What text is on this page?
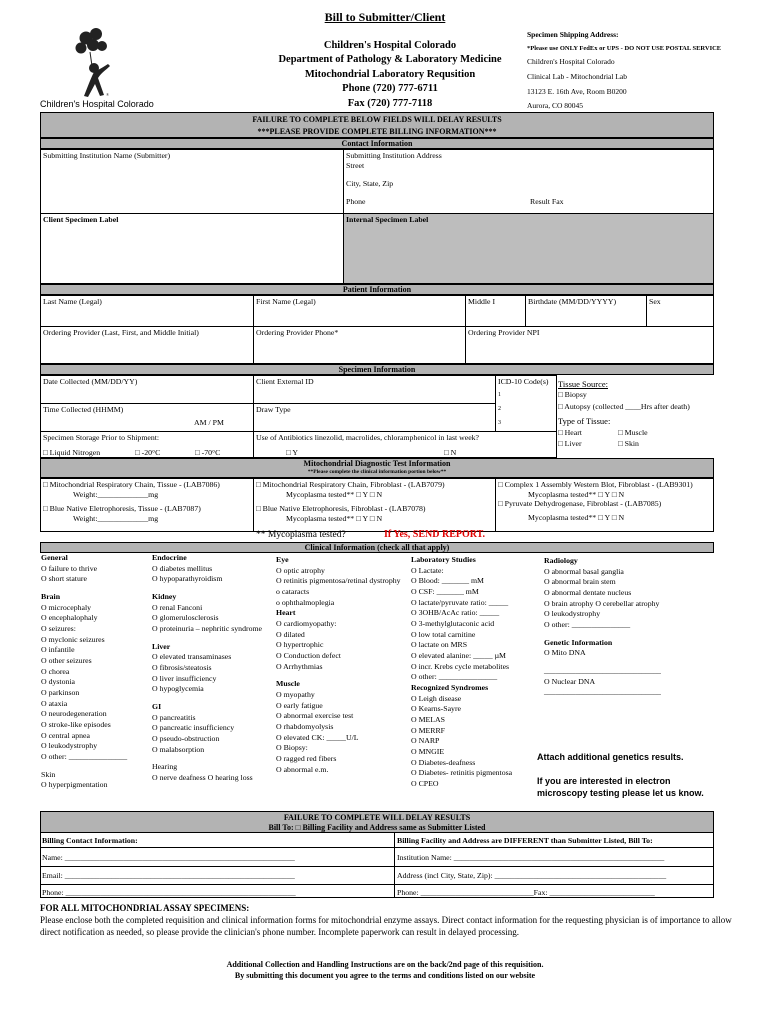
Bill to Submitter/Client
®
Children's Hospital Colorado
Children's Hospital Colorado
Department of Pathology & Laboratory Medicine
Mitochondrial Laboratory Requsition
Phone (720) 777-6711
Fax (720) 777-7118
Specimen Shipping Address:
*Please use ONLY FedEx or UPS - DO NOT USE POSTAL SERVICE
Children's Hospital Colorado
Clinical Lab - Mitochondrial Lab
13123 E. 16th Ave, Room B0200
Aurora, CO 80045
FAILURE TO COMPLETE BELOW FIELDS WILL DELAY RESULTS
***PLEASE PROVIDE COMPLETE BILLING INFORMATION***
Contact Information
Submitting Institution Name (Submitter)	Submitting Institution Address
Street
City, State, Zip
Phone	Result Fax
Client Specimen Label	Internal Specimen Label
Patient Information
Last Name (Legal)	First Name (Legal)	Middle I	Birthdate (MM/DD/YYYY)	Sex
Ordering Provider (Last, First, and Middle Initial)	Ordering Provider Phone*	Ordering Provider NPI
Specimen Information
Date Collected (MM/DD/YY)	Client External ID	ICD-10 Code(s)
1
2
3
Tissue Source:
□ Biopsy
□ Autopsy (collected ____Hrs after death)
Type of Tissue:
□ Heart	□ Muscle
□ Liver	□ Skin
Time Collected (HHMM)
AM / PM
Draw Type
Specimen Storage Prior to Shipment:
□ Liquid Nitrogen	□ -20°C	□ -70°C
Use of Antibiotics linezolid, macrolides, chloramphenicol in last week?
□ Y	□ N
Mitochondrial Diagnostic Test Information
**Please complete the clinical information portion below**
□ Mitochondrial Respiratory Chain, Tissue - (LAB7086)
Weight:_____________mg
□ Blue Native Eletrophoresis, Tissue - (LAB7087)
Weight:_____________mg
□ Mitochondrial Respiratory Chain, Fibroblast - (LAB7079)
Mycoplasma tested** □ Y □ N
□ Blue Native Eletrophoresis, Fibroblast - (LAB7078)
Mycoplasma tested** □ Y □ N
□ Complex 1 Assembly Western Blot, Fibroblast - (LAB9301)
Mycoplasma tested** □ Y □ N
□ Pyruvate Dehydrogenase, Fibroblast - (LAB7085)
Mycoplasma tested** □ Y □ N
** Mycoplasma tested?	If Yes, SEND REPORT.
Clinical Information (check all that apply)
General
O failure to thrive
O short stature
Brain
O microcephaly
O encephalophaly
O seizures:
O myclonic seizures
O infantile
O other seizures
O chorea
O dystonia
O parkinson
O ataxia
O neurodegeneration
O stroke-like episodes
O central apnea
O leukodystrophy
O other: _______________
Skin
O hyperpigmentation
Endocrine
O diabetes mellitus
O hypoparathyroidism
Kidney
O renal Fanconi
O glomerulosclerosis
O proteinuria – nephritic syndrome
Liver
O elevated transaminases
O fibrosis/steatosis
O liver insufficiency
O hypoglycemia
GI
O pancreatitis
O pancreatic insufficiency
O pseudo-obstruction
O malabsorption
Hearing
O nerve deafness O hearing loss
Eye
O optic atrophy
O retinitis pigmentosa/retinal dystrophy
o cataracts
o ophthalmoplegia
Heart
O cardiomyopathy:
O dilated
O hypertrophic
O Conduction defect
O Arrhythmias
Muscle
O myopathy
O early fatigue
O abnormal exercise test
O rhabdomyolysis
O elevated CK: _____U/L
O Biopsy:
O ragged red fibers
O abnormal e.m.
Laboratory Studies
O Lactate:
O Blood: _______ mM
O CSF: _______ mM
O lactate/pyruvate ratio: _____
O 3OHB/AcAc ratio: _____
O 3-methylglutaconic acid
O low total carnitine
O lactate on MRS
O elevated alanine: _____ µM
O incr. Krebs cycle metabolites
O other: _______________
Recognized Syndromes
O Leigh disease
O Kearns-Sayre
O MELAS
O MERRF
O NARP
O MNGIE
O Diabetes-deafness
O Diabetes- retinitis pigmentosa
O CPEO
Radiology
O abnormal basal ganglia
O abnormal brain stem
O abnormal dentate nucleus
O brain atrophy O cerebellar atrophy
O leukodystrophy
O other: _______________
Genetic Information
O Mito DNA
______________________________
O Nuclear DNA
______________________________
Attach additional genetics results.
If you are interested in electron microscopy testing please let us know.
FAILURE TO COMPLETE WILL DELAY RESULTS
Bill To: □ Billing Facility and Address same as Submitter Listed
Billing Contact Information:	Billing Facility and Address are DIFFERENT than Submitter Listed, Bill To:
Name: ___________________________________________________________
Email: ___________________________________________________________
Phone: ___________________________________________________________
Institution Name: ______________________________________________________
Address (incl City, State, Zip): ____________________________________________
Phone: _____________________________Fax: ___________________________
FOR ALL MITOCHONDRIAL ASSAY SPECIMENS:
Please enclose both the completed requisition and clinical information forms for mitochondrial enzyme assays. Direct contact information for the requesting physician is of importance to allow direct notification as needed, so please provide the clinician's phone number. Incomplete paperwork can result in delayed processing.
Additional Collection and Handling Instructions are on the back/2nd page of this requisition.
By submitting this document you agree to the terms and conditions listed on our website
